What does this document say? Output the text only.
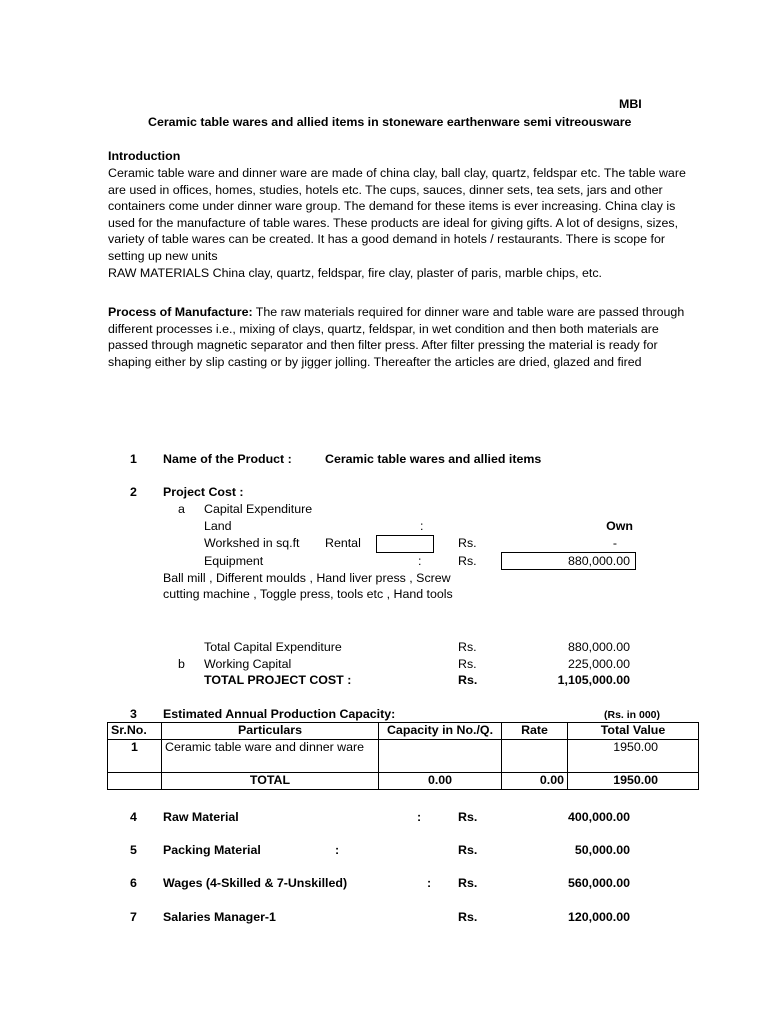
MBI
Ceramic table wares and allied items in stoneware earthenware semi vitreousware
Introduction
Ceramic table ware and dinner ware are made of china clay, ball clay, quartz, feldspar etc. The table ware are used in offices, homes, studies, hotels etc. The cups, sauces, dinner sets, tea sets, jars and other containers come under dinner ware group. The demand for these items is ever increasing. China clay is used for the manufacture of table wares. These products are ideal for giving gifts. A lot of designs, sizes, variety of table wares can be created. It has a good demand in hotels / restaurants. There is scope for setting up new units
RAW MATERIALS China clay, quartz, feldspar, fire clay, plaster of paris, marble chips, etc.
Process of Manufacture: The raw materials required for dinner ware and table ware are passed through different processes i.e., mixing of clays, quartz, feldspar, in wet condition and then both materials are passed through magnetic separator and then filter press. After filter pressing the material is ready for shaping either by slip casting or by jigger jolling. Thereafter the articles are dried, glazed and fired
1 Name of the Product :	Ceramic table wares and allied items
2 Project Cost :
a Capital Expenditure
Land	:	Own
Workshed in sq.ft Rental	Rs.	-
Equipment	:	Rs.	880,000.00
Ball mill , Different moulds , Hand liver press , Screw
cutting machine , Toggle press, tools etc , Hand tools
Total Capital Expenditure	Rs.	880,000.00
b Working Capital	Rs.	225,000.00
TOTAL PROJECT COST :	Rs.	1,105,000.00
3 Estimated Annual Production Capacity:	(Rs. in 000)
Sr.No.	Particulars	Capacity in No./Q.	Rate	Total Value
1	Ceramic table ware and dinner ware			1950.00
	TOTAL	0.00	0.00	1950.00
4 Raw Material	:	Rs.	400,000.00
5 Packing Material	:	Rs.	50,000.00
6 Wages (4-Skilled & 7-Unskilled)	: Rs.	560,000.00
7 Salaries Manager-1	Rs.	120,000.00
